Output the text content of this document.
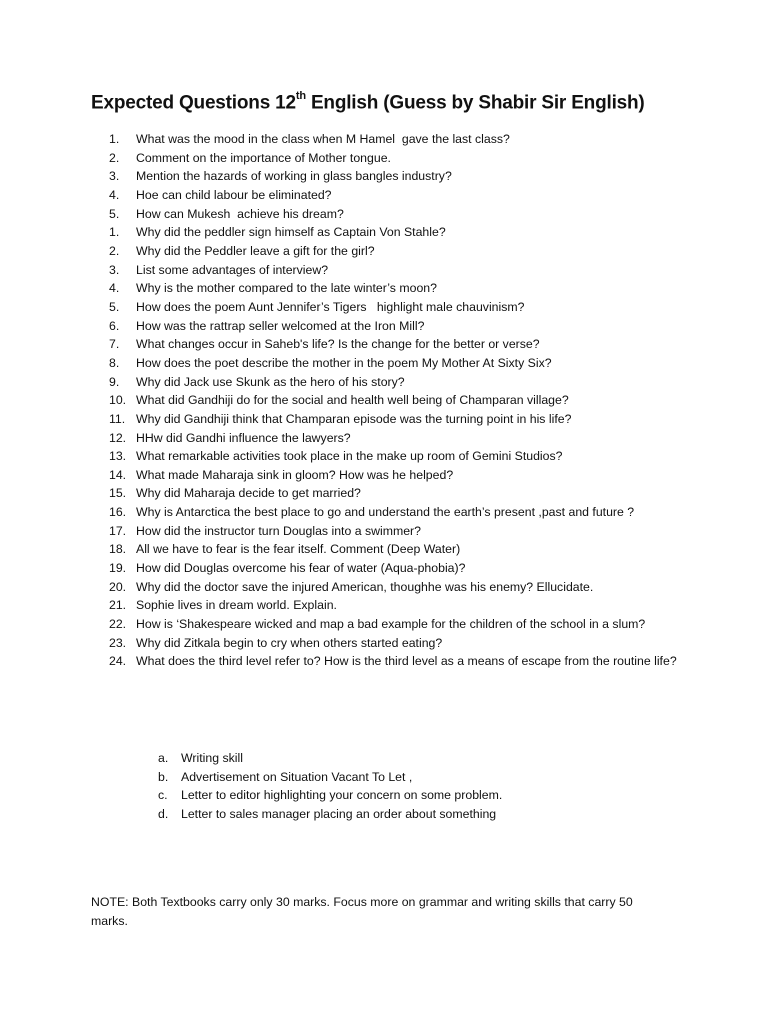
Expected Questions 12th English (Guess by Shabir Sir English)
1.	What was the mood in the class when M Hamel  gave the last class?
2.	Comment on the importance of Mother tongue.
3.	Mention the hazards of working in glass bangles industry?
4.	Hoe can child labour be eliminated?
5.	How can Mukesh  achieve his dream?
1.	Why did the peddler sign himself as Captain Von Stahle?
2.	Why did the Peddler leave a gift for the girl?
3.	List some advantages of interview?
4.	Why is the mother compared to the late winter’s moon?
5.	How does the poem Aunt Jennifer’s Tigers   highlight male chauvinism?
6.	How was the rattrap seller welcomed at the Iron Mill?
7.	What changes occur in Saheb's life? Is the change for the better or verse?
8.	How does the poet describe the mother in the poem My Mother At Sixty Six?
9.	Why did Jack use Skunk as the hero of his story?
10. What did Gandhiji do for the social and health well being of Champaran village?
11. Why did Gandhiji think that Champaran episode was the turning point in his life?
12. HHw did Gandhi influence the lawyers?
13. What remarkable activities took place in the make up room of Gemini Studios?
14. What made Maharaja sink in gloom? How was he helped?
15. Why did Maharaja decide to get married?
16. Why is Antarctica the best place to go and understand the earth’s present ,past and future ?
17. How did the instructor turn Douglas into a swimmer?
18. All we have to fear is the fear itself. Comment (Deep Water)
19. How did Douglas overcome his fear of water (Aqua-phobia)?
20. Why did the doctor save the injured American, thoughhe was his enemy? Ellucidate.
21. Sophie lives in dream world. Explain.
22. How is ‘Shakespeare wicked and map a bad example for the children of the school in a slum?
23. Why did Zitkala begin to cry when others started eating?
24. What does the third level refer to? How is the third level as a means of escape from the routine life?
a.	Writing skill
b.	Advertisement on Situation Vacant To Let ,
c.	Letter to editor highlighting your concern on some problem.
d.	Letter to sales manager placing an order about something
NOTE: Both Textbooks carry only 30 marks. Focus more on grammar and writing skills that carry 50 marks.
